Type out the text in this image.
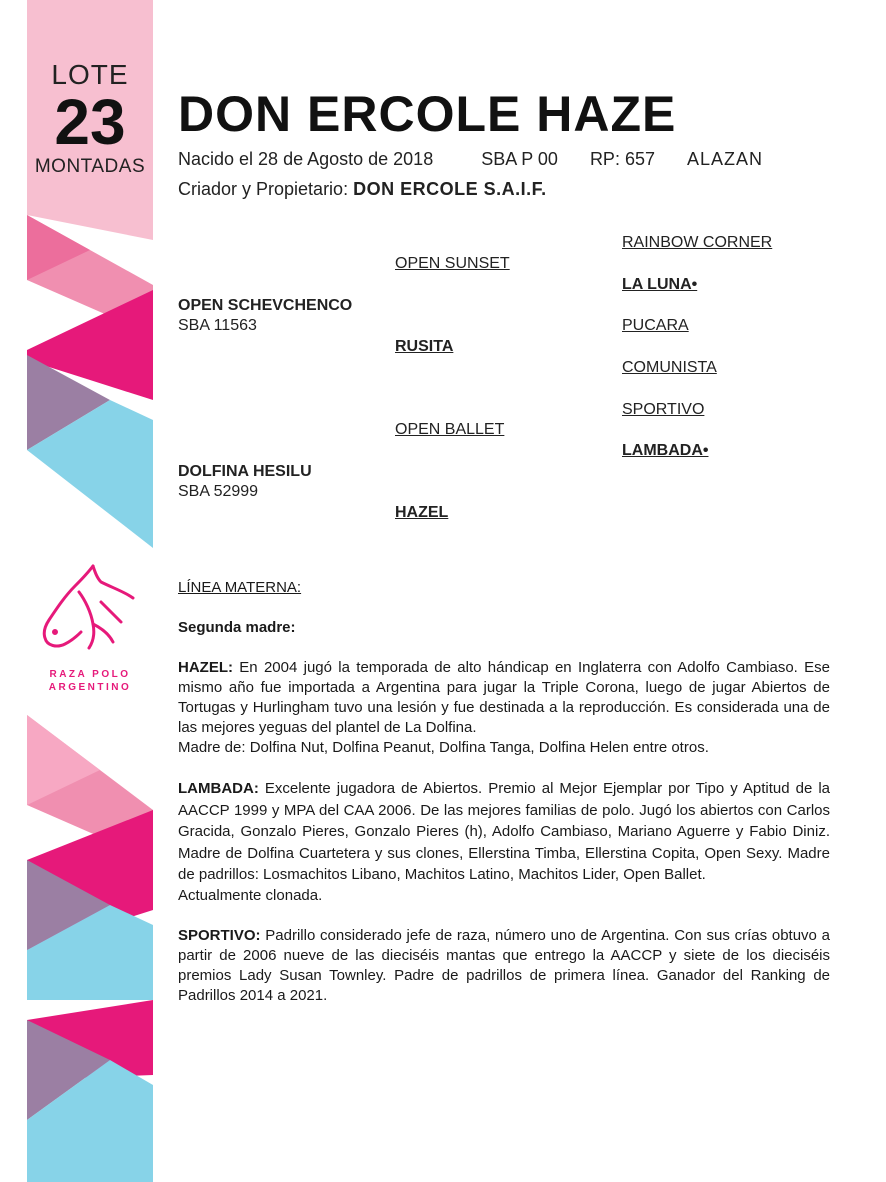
LOTE
23
MONTADAS
RAZA POLO
ARGENTINO
DON ERCOLE HAZE
Nacido el 28 de Agosto de 2018	SBA P 00 RP: 657 ALAZAN
Criador y Propietario: DON ERCOLE S.A.I.F.
OPEN SCHEVCHENCO
SBA 11563
DOLFINA HESILU
SBA 52999
OPEN SUNSET
RUSITA
OPEN BALLET
HAZEL
RAINBOW CORNER
LA LUNA•
PUCARA
COMUNISTA
SPORTIVO
LAMBADA•

LÍNEA MATERNA:

Segunda madre:

HAZEL: En 2004 jugó la temporada de alto hándicap en Inglaterra con Adolfo Cambiaso. Ese mismo año fue importada a Argentina para jugar la Triple Corona, luego de jugar Abiertos de Tortugas y Hurlingham tuvo una lesión y fue destinada a la reproducción. Es considerada una de las mejores yeguas del plantel de La Dolfina.

Madre de: Dolfina Nut, Dolfina Peanut, Dolfina Tanga, Dolfina Helen entre otros.

LAMBADA: Excelente jugadora de Abiertos. Premio al Mejor Ejemplar por Tipo y Aptitud de la AACCP 1999 y MPA del CAA 2006. De las mejores familias de polo. Jugó los abiertos con Carlos Gracida, Gonzalo Pieres, Gonzalo Pieres (h), Adolfo Cambiaso, Mariano Aguerre y Fabio Diniz. Madre de Dolfina Cuartetera y sus clones, Ellerstina Timba, Ellerstina Copita, Open Sexy. Madre de padrillos: Losmachitos Libano, Machitos Latino, Machitos Lider, Open Ballet.

Actualmente clonada.

SPORTIVO: Padrillo considerado jefe de raza, número uno de Argentina. Con sus crías obtuvo a partir de 2006 nueve de las dieciséis mantas que entrego la AACCP y siete de los dieciséis premios Lady Susan Townley. Padre de padrillos de primera línea. Ganador del Ranking de Padrillos 2014 a 2021.
